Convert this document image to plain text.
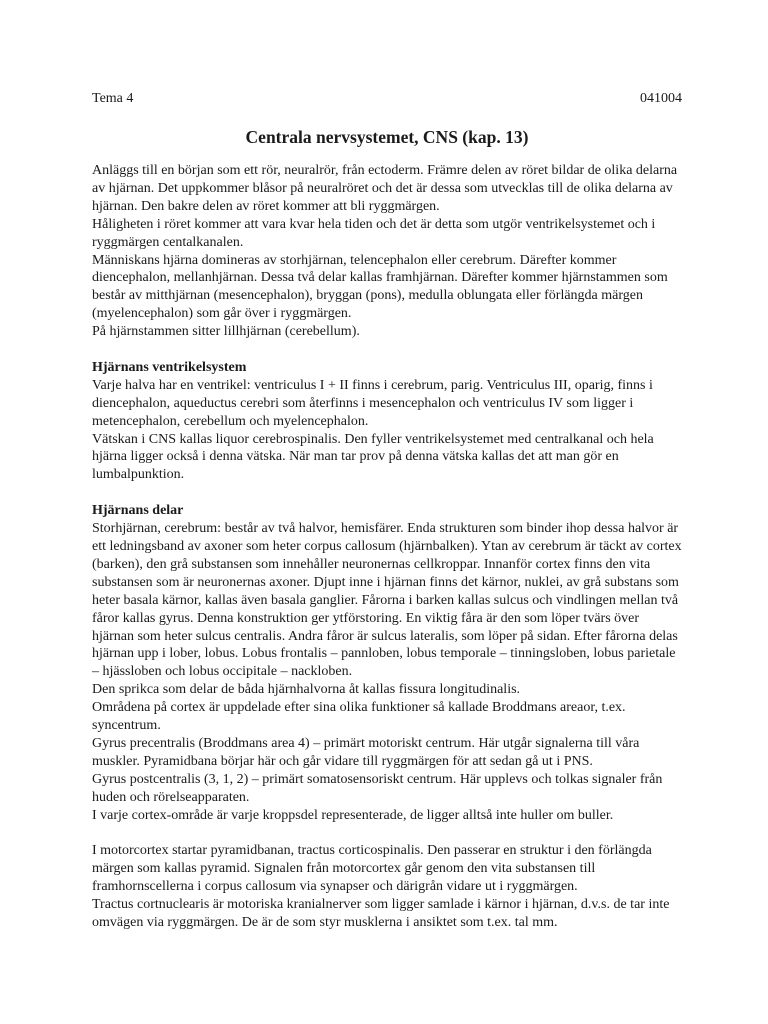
Tema 4	041004
Centrala nervsystemet, CNS (kap. 13)

Anläggs till en början som ett rör, neuralrör, från ectoderm. Främre delen av röret bildar de olika delarna av hjärnan. Det uppkommer blåsor på neuralröret och det är dessa som utvecklas till de olika delarna av hjärnan. Den bakre delen av röret kommer att bli ryggmärgen.
Håligheten i röret kommer att vara kvar hela tiden och det är detta som utgör ventrikelsystemet och i ryggmärgen centalkanalen.
Människans hjärna domineras av storhjärnan, telencephalon eller cerebrum. Därefter kommer diencephalon, mellanhjärnan. Dessa två delar kallas framhjärnan. Därefter kommer hjärnstammen som består av mitthjärnan (mesencephalon), bryggan (pons), medulla oblungata eller förlängda märgen (myelencephalon) som går över i ryggmärgen.
På hjärnstammen sitter lillhjärnan (cerebellum).

Hjärnans ventrikelsystem

Varje halva har en ventrikel: ventriculus I + II finns i cerebrum, parig. Ventriculus III, oparig, finns i diencephalon, aqueductus cerebri som återfinns i mesencephalon och ventriculus IV som ligger i metencephalon, cerebellum och myelencephalon.
Vätskan i CNS kallas liquor cerebrospinalis. Den fyller ventrikelsystemet med centralkanal och hela hjärna ligger också i denna vätska. När man tar prov på denna vätska kallas det att man gör en lumbalpunktion.

Hjärnans delar

Storhjärnan, cerebrum: består av två halvor, hemisfärer. Enda strukturen som binder ihop dessa halvor är ett ledningsband av axoner som heter corpus callosum (hjärnbalken). Ytan av cerebrum är täckt av cortex (barken), den grå substansen som innehåller neuronernas cellkroppar. Innanför cortex finns den vita substansen som är neuronernas axoner. Djupt inne i hjärnan finns det kärnor, nuklei, av grå substans som heter basala kärnor, kallas även basala ganglier. Fårorna i barken kallas sulcus och vindlingen mellan två fåror kallas gyrus. Denna konstruktion ger ytförstoring. En viktig fåra är den som löper tvärs över hjärnan som heter sulcus centralis. Andra fåror är sulcus lateralis, som löper på sidan. Efter fårorna delas hjärnan upp i lober, lobus. Lobus frontalis – pannloben, lobus temporale – tinningsloben, lobus parietale – hjässloben och lobus occipitale – nackloben.
Den sprikca som delar de båda hjärnhalvorna åt kallas fissura longitudinalis.
Områdena på cortex är uppdelade efter sina olika funktioner så kallade Broddmans areaor, t.ex. syncentrum.
Gyrus precentralis (Broddmans area 4) – primärt motoriskt centrum. Här utgår signalerna till våra muskler. Pyramidbana börjar här och går vidare till ryggmärgen för att sedan gå ut i PNS.
Gyrus postcentralis (3, 1, 2) – primärt somatosensoriskt centrum. Här upplevs och tolkas signaler från huden och rörelseapparaten.
I varje cortex-område är varje kroppsdel representerade, de ligger alltså inte huller om buller.

I motorcortex startar pyramidbanan, tractus corticospinalis. Den passerar en struktur i den förlängda märgen som kallas pyramid. Signalen från motorcortex går genom den vita substansen till framhornscellerna i corpus callosum via synapser och därigrån vidare ut i ryggmärgen.
Tractus cortnuclearis är motoriska kranialnerver som ligger samlade i kärnor i hjärnan, d.v.s. de tar inte omvägen via ryggmärgen. De är de som styr musklerna i ansiktet som t.ex. tal mm.
